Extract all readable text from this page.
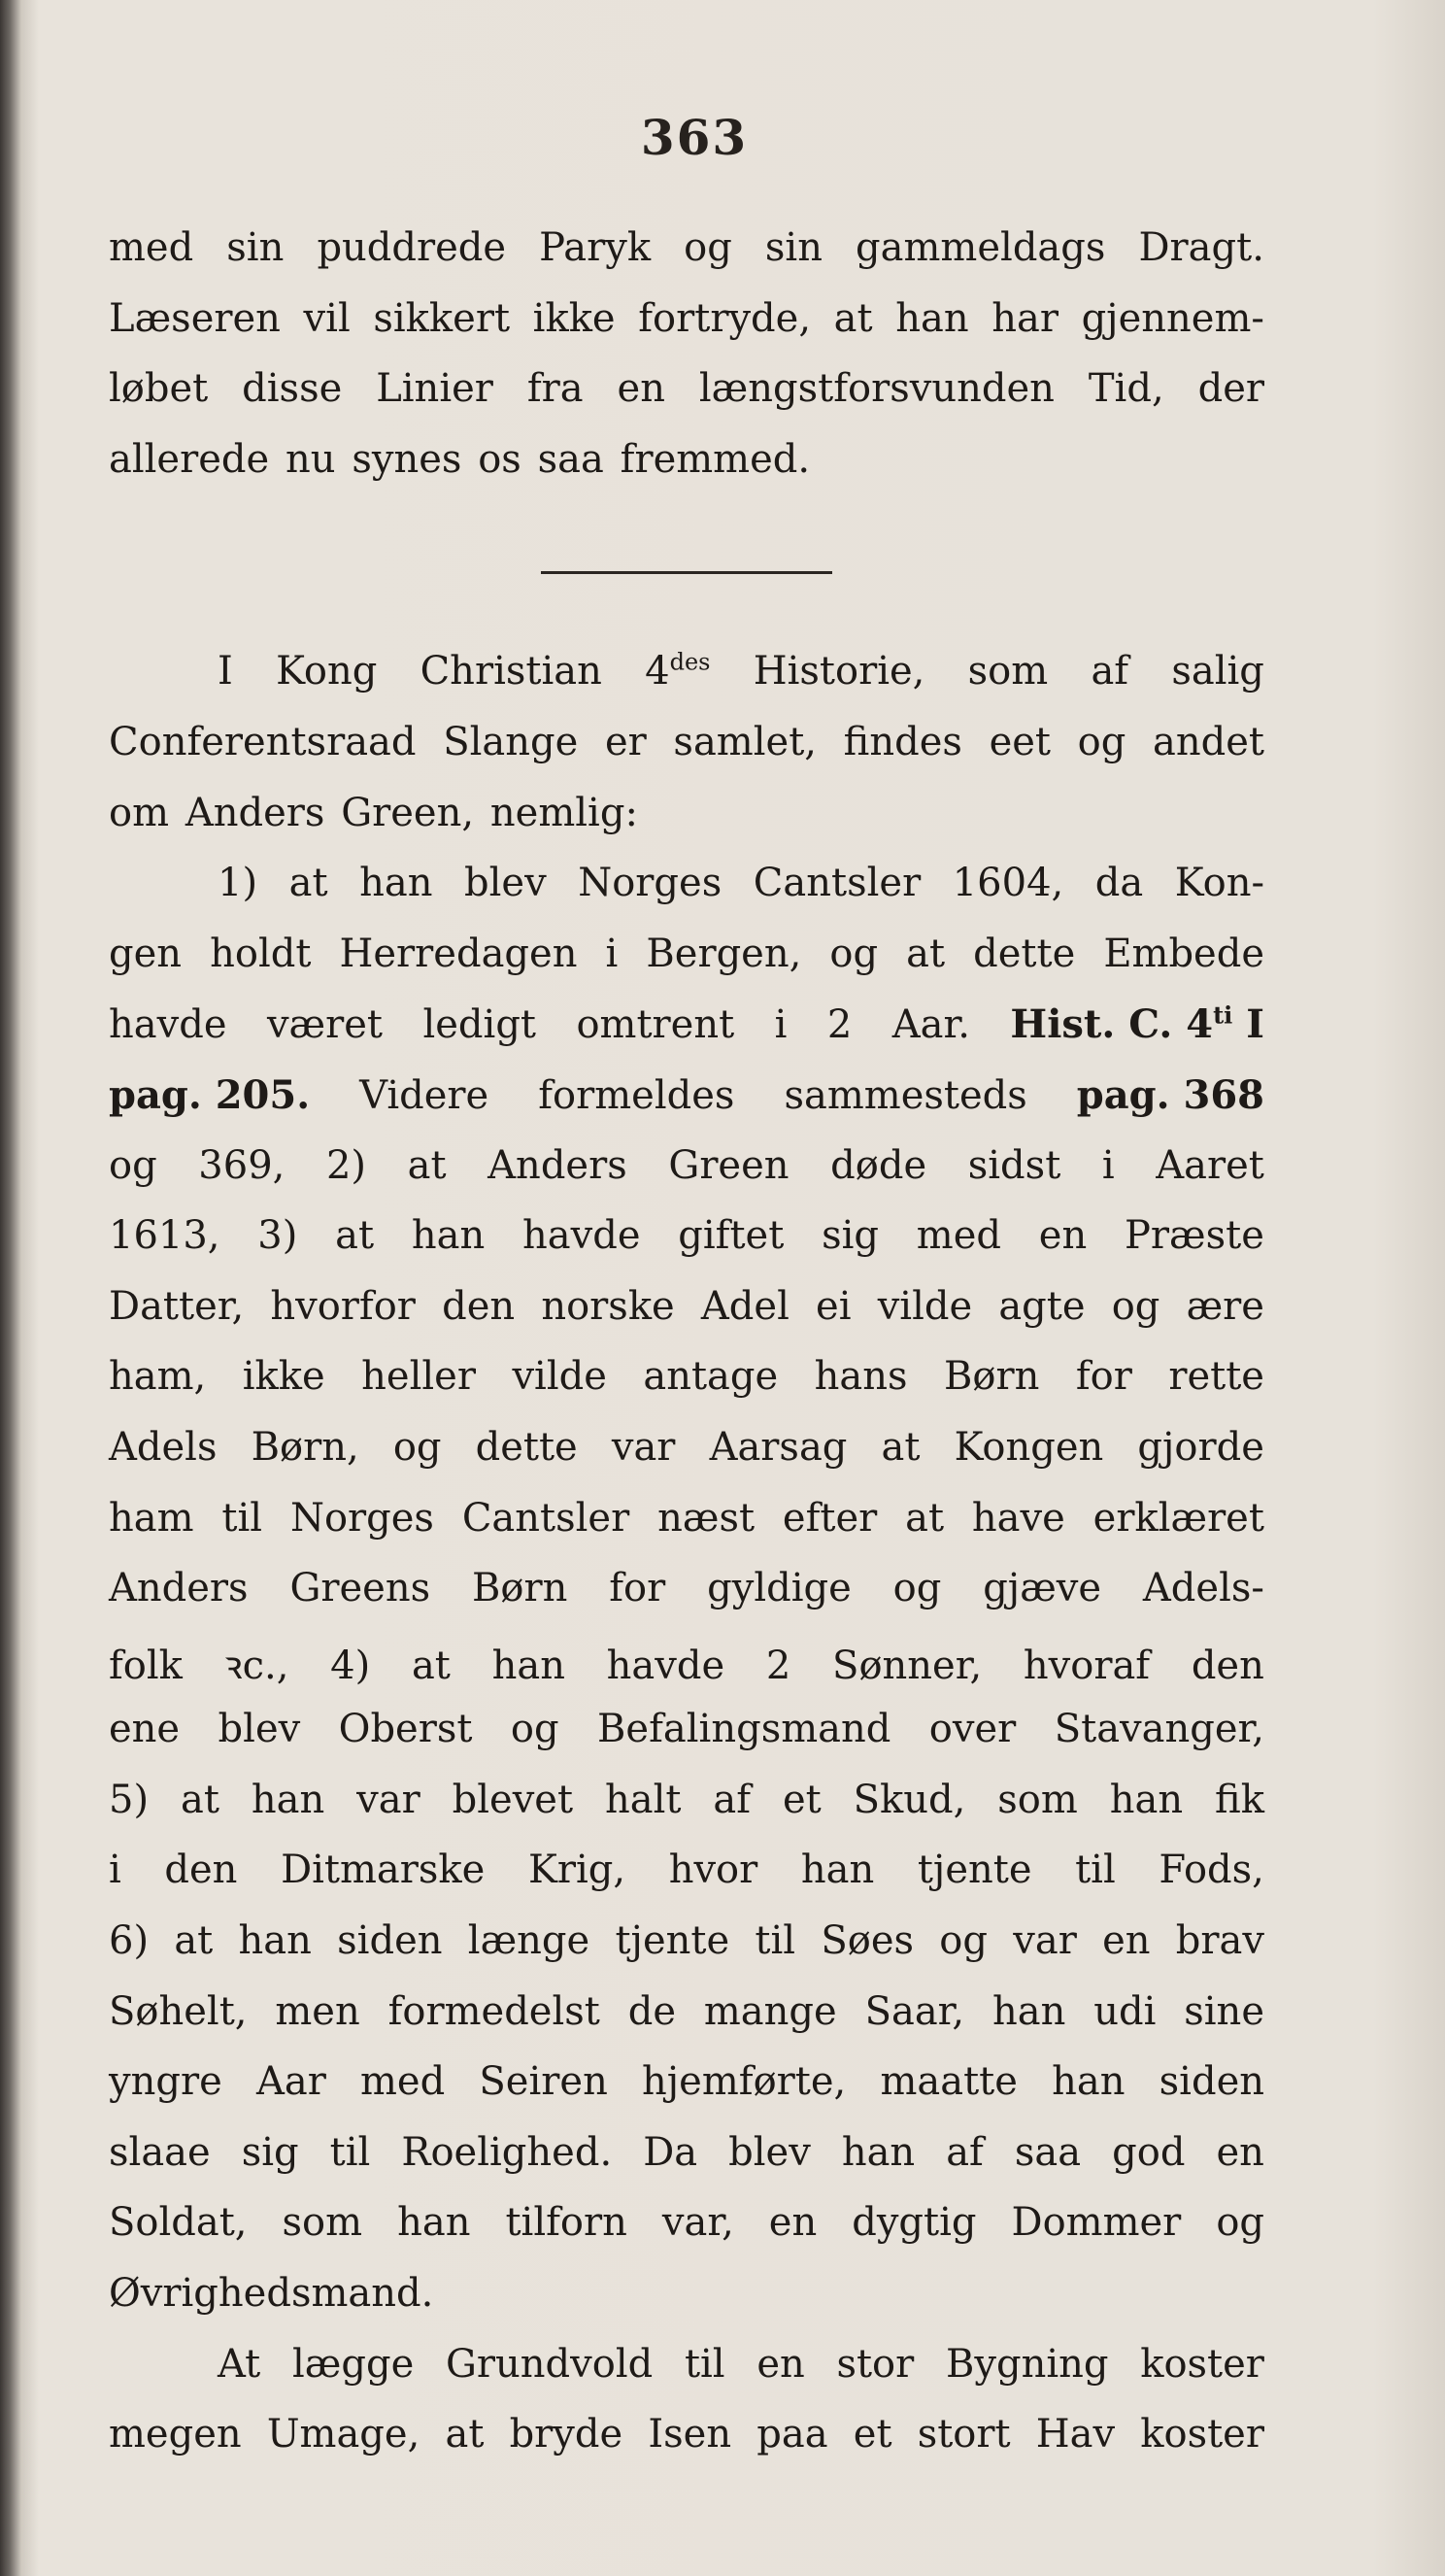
363
med sin puddrede Paryk og sin gammeldags Dragt.
Læseren vil sikkert ikke fortryde, at han har gjennem-
løbet disse Linier fra en længstforsvunden Tid, der
allerede nu synes os saa fremmed.
I Kong Christian $4^{des}$ Historie, som af salig
Conferentsraad Slange er samlet, findes eet og andet
om Anders Green, nemlig:
1) at han blev Norges Cantsler 1604, da Kon-
gen holdt Herredagen i Bergen, og at dette Embede
havde været ledigt omtrent i 2 Aar. Hist. C. $4^{ti}$ I
pag. 205. Videre formeldes sammesteds pag. 368
og 369, 2) at Anders Green døde sidst i Aaret
1613, 3) at han havde giftet sig med en Præste
Datter, hvorfor den norske Adel ei vilde agte og ære
ham, ikke heller vilde antage hans Børn for rette
Adels Børn, og dette var Aarsag at Kongen gjorde
ham til Norges Cantsler næst efter at have erklæret
Anders Greens Børn for gyldige og gjæve Adels-
folk ꝛc., 4) at han havde 2 Sønner, hvoraf den
ene blev Oberst og Befalingsmand over Stavanger,
5) at han var blevet halt af et Skud, som han fik
i den Ditmarske Krig, hvor han tjente til Fods,
6) at han siden længe tjente til Søes og var en brav
Søhelt, men formedelst de mange Saar, han udi sine
yngre Aar med Seiren hjemførte, maatte han siden
slaae sig til Roelighed. Da blev han af saa god en
Soldat, som han tilforn var, en dygtig Dommer og
Øvrighedsmand.
At lægge Grundvold til en stor Bygning koster
megen Umage, at bryde Isen paa et stort Hav koster
